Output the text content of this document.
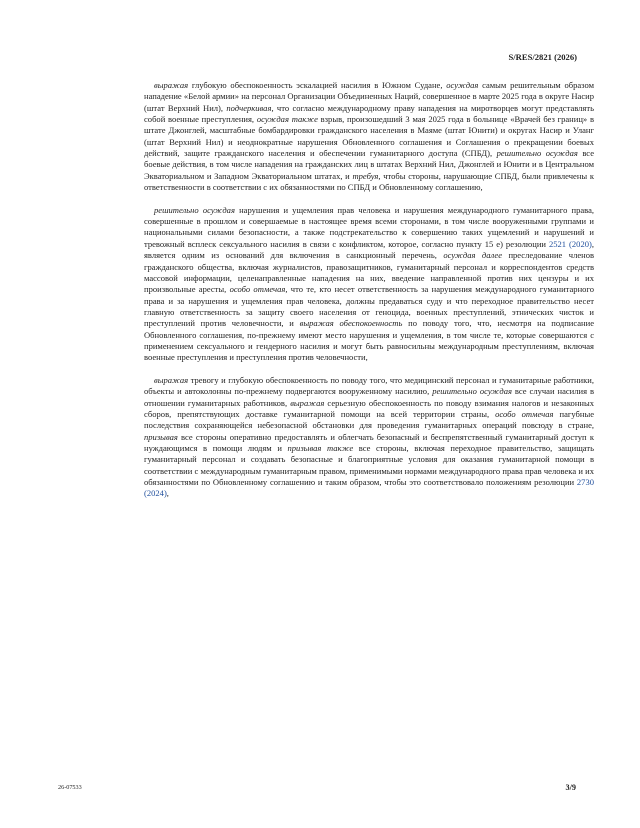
S/RES/2821 (2026)

выражая глубокую обеспокоенность эскалацией насилия в Южном Судане, осуждая самым решительным образом нападение «Белой армии» на персонал Организации Объединенных Наций, совершенное в марте 2025 года в округе Насир (штат Верхний Нил), подчеркивая, что согласно международному праву нападения на миротворцев могут представлять собой военные преступления, осуждая также взрыв, произошедший 3 мая 2025 года в больнице «Врачей без границ» в штате Джонглей, масштабные бомбардировки гражданского населения в Маяме (штат Юнити) и округах Насир и Уланг (штат Верхний Нил) и неоднократные нарушения Обновленного соглашения и Соглашения о прекращении боевых действий, защите гражданского населения и обеспечении гуманитарного доступа (СПБД), решительно осуждая все боевые действия, в том числе нападения на гражданских лиц в штатах Верхний Нил, Джонглей и Юнити и в Центральном Экваториальном и Западном Экваториальном штатах, и требуя, чтобы стороны, нарушающие СПБД, были привлечены к ответственности в соответствии с их обязанностями по СПБД и Обновленному соглашению,

решительно осуждая нарушения и ущемления прав человека и нарушения международного гуманитарного права, совершенные в прошлом и совершаемые в настоящее время всеми сторонами, в том числе вооруженными группами и национальными силами безопасности, а также подстрекательство к совершению таких ущемлений и нарушений и тревожный всплеск сексуального насилия в связи с конфликтом, которое, согласно пункту 15 e) резолюции 2521 (2020), является одним из оснований для включения в санкционный перечень, осуждая далее преследование членов гражданского общества, включая журналистов, правозащитников, гуманитарный персонал и корреспондентов средств массовой информации, целенаправленные нападения на них, введение направленной против них цензуры и их произвольные аресты, особо отмечая, что те, кто несет ответственность за нарушения международного гуманитарного права и за нарушения и ущемления прав человека, должны предаваться суду и что переходное правительство несет главную ответственность за защиту своего населения от геноцида, военных преступлений, этнических чисток и преступлений против человечности, и выражая обеспокоенность по поводу того, что, несмотря на подписание Обновленного соглашения, по-прежнему имеют место нарушения и ущемления, в том числе те, которые совершаются с применением сексуального и гендерного насилия и могут быть равносильны международным преступлениям, включая военные преступления и преступления против человечности,

выражая тревогу и глубокую обеспокоенность по поводу того, что медицинский персонал и гуманитарные работники, объекты и автоколонны по-прежнему подвергаются вооруженному насилию, решительно осуждая все случаи насилия в отношении гуманитарных работников, выражая серьезную обеспокоенность по поводу взимания налогов и незаконных сборов, препятствующих доставке гуманитарной помощи на всей территории страны, особо отмечая пагубные последствия сохраняющейся небезопасной обстановки для проведения гуманитарных операций повсюду в стране, призывая все стороны оперативно предоставлять и облегчать безопасный и беспрепятственный гуманитарный доступ к нуждающимся в помощи людям и призывая также все стороны, включая переходное правительство, защищать гуманитарный персонал и создавать безопасные и благоприятные условия для оказания гуманитарной помощи в соответствии с международным гуманитарным правом, применимыми нормами международного права прав человека и их обязанностями по Обновленному соглашению и таким образом, чтобы это соответствовало положениям резолюции 2730 (2024),

26-07533	3/9
